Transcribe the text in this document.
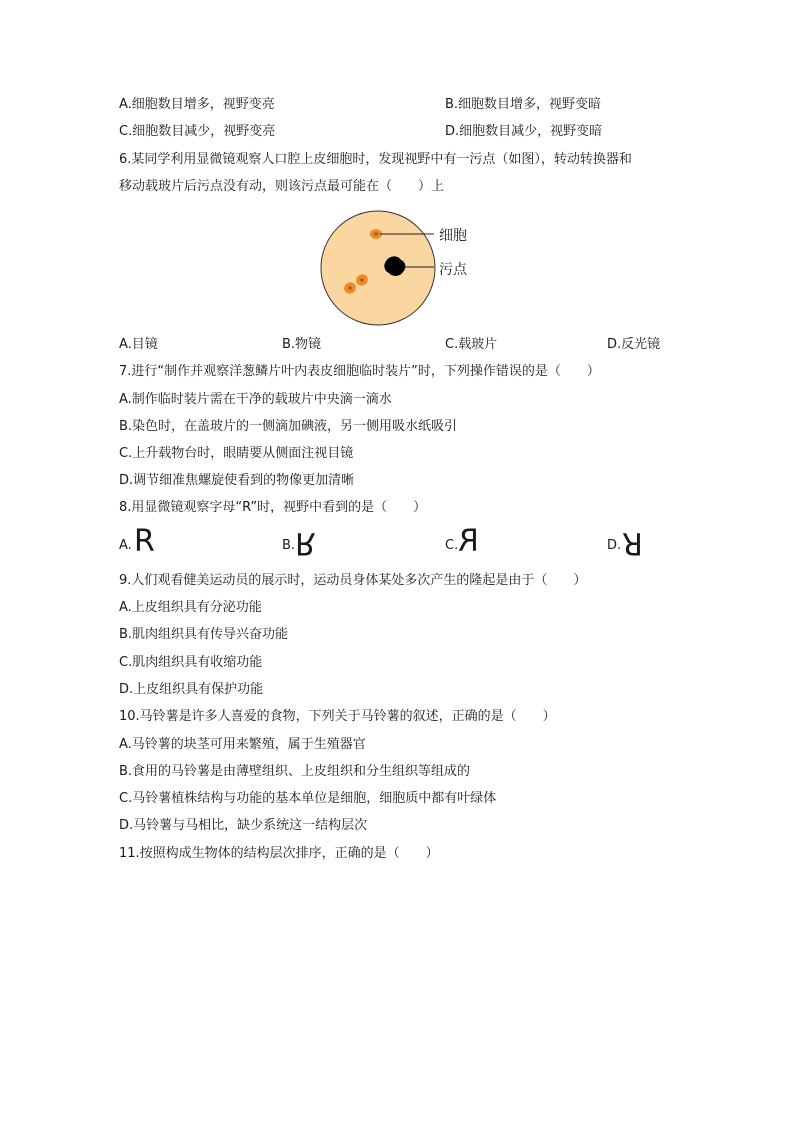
A.细胞数目增多，视野变亮	B.细胞数目增多，视野变暗
C.细胞数目减少，视野变亮	D.细胞数目减少，视野变暗
6.某同学利用显微镜观察人口腔上皮细胞时，发现视野中有一污点（如图），转动转换器和
移动载玻片后污点没有动，则该污点最可能在（　　）上
细胞
污点
A.目镜	B.物镜	C.载玻片	D.反光镜
7.进行“制作并观察洋葱鳞片叶内表皮细胞临时装片”时，下列操作错误的是（　　）
A.制作临时装片需在干净的载玻片中央滴一滴水
B.染色时，在盖玻片的一侧滴加碘液，另一侧用吸水纸吸引
C.上升载物台时，眼睛要从侧面注视目镜
D.调节细准焦螺旋使看到的物像更加清晰
8.用显微镜观察字母“R”时，视野中看到的是（　　）
A. R	B. R	C. R	D. R
9.人们观看健美运动员的展示时，运动员身体某处多次产生的隆起是由于（　　）
A.上皮组织具有分泌功能
B.肌肉组织具有传导兴奋功能
C.肌肉组织具有收缩功能
D.上皮组织具有保护功能
10.马铃薯是许多人喜爱的食物，下列关于马铃薯的叙述，正确的是（　　）
A.马铃薯的块茎可用来繁殖，属于生殖器官
B.食用的马铃薯是由薄壁组织、上皮组织和分生组织等组成的
C.马铃薯植株结构与功能的基本单位是细胞，细胞质中都有叶绿体
D.马铃薯与马相比，缺少系统这一结构层次
11.按照构成生物体的结构层次排序，正确的是（　　）
